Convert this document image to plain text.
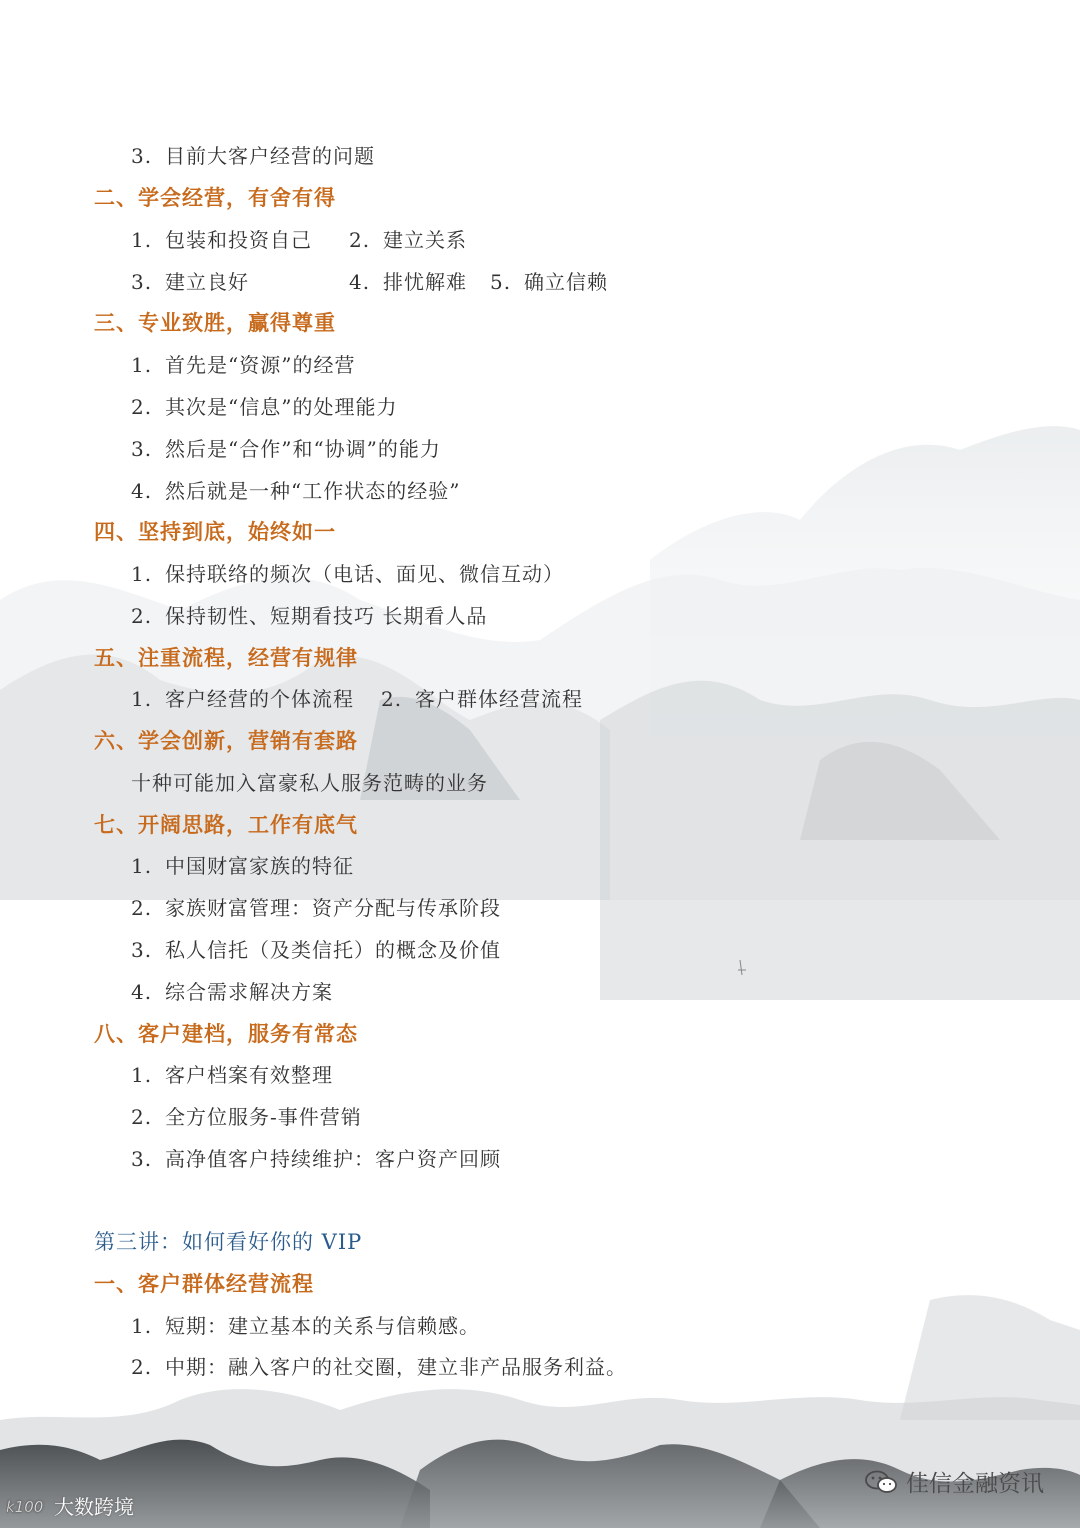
3. 目前大客户经营的问题
二、学会经营，有舍有得
1. 包装和投资自己 2. 建立关系
3. 建立良好	4. 排忧解难 5. 确立信赖
三、专业致胜，赢得尊重
1. 首先是“资源”的经营
2. 其次是“信息”的处理能力
3. 然后是“合作”和“协调”的能力
4. 然后就是一种“工作状态的经验”
四、坚持到底，始终如一
1. 保持联络的频次（电话、面见、微信互动）
2. 保持韧性、短期看技巧 长期看人品
五、注重流程，经营有规律
1. 客户经营的个体流程 2. 客户群体经营流程
六、学会创新，营销有套路
十种可能加入富豪私人服务范畴的业务
七、开阔思路，工作有底气
1. 中国财富家族的特征
2. 家族财富管理：资产分配与传承阶段
3. 私人信托（及类信托）的概念及价值
4. 综合需求解决方案
八、客户建档，服务有常态
1. 客户档案有效整理
2. 全方位服务-事件营销
3. 高净值客户持续维护：客户资产回顾
第三讲：如何看好你的 VIP
一、客户群体经营流程
1. 短期：建立基本的关系与信赖感。
2. 中期：融入客户的社交圈，建立非产品服务利益。
佳信金融资讯
k100 大数跨境
